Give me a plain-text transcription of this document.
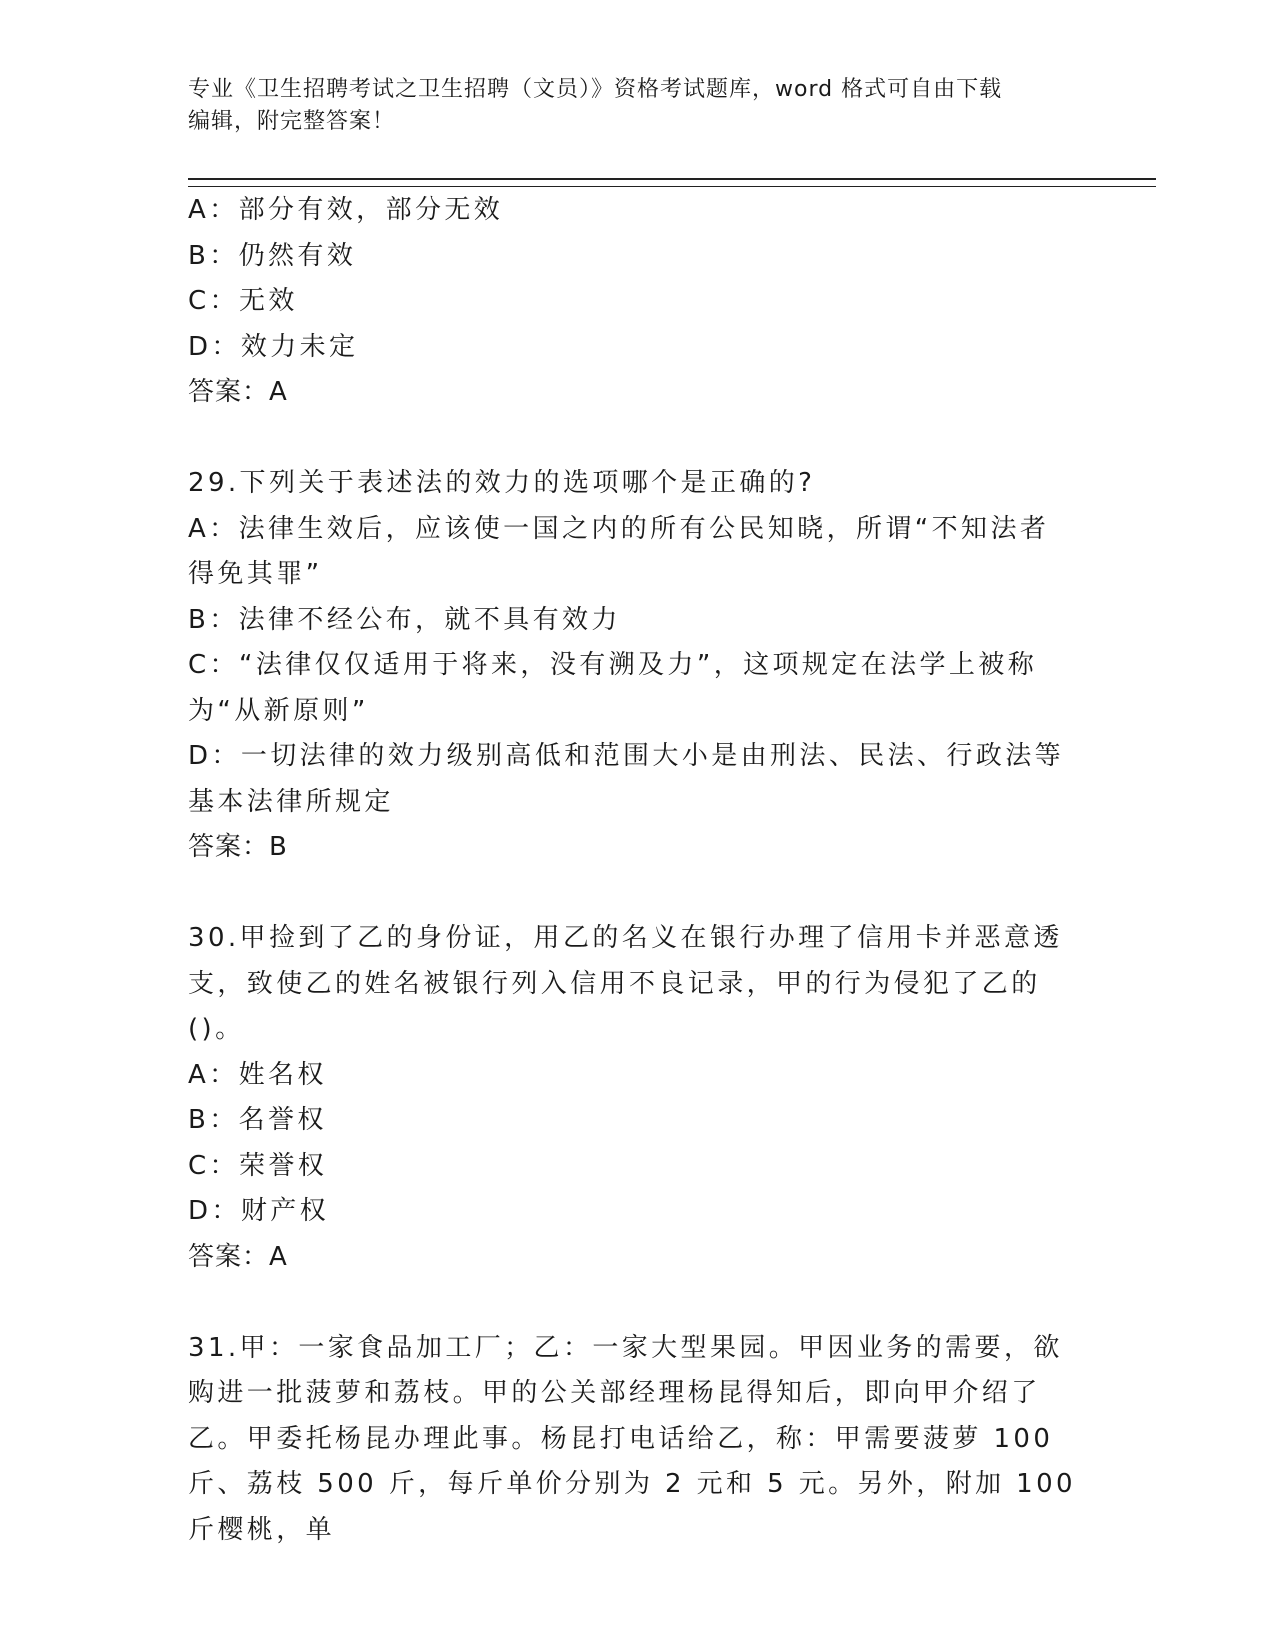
专业《卫生招聘考试之卫生招聘（文员）》资格考试题库，word 格式可自由下载
编辑，附完整答案！

A：部分有效，部分无效

B：仍然有效

C：无效

D：效力未定

答案：A

29.下列关于表述法的效力的选项哪个是正确的?

A：法律生效后，应该使一国之内的所有公民知晓，所谓“不知法者得免其罪”

B：法律不经公布，就不具有效力

C：“法律仅仅适用于将来，没有溯及力”，这项规定在法学上被称为“从新原则”

D：一切法律的效力级别高低和范围大小是由刑法、民法、行政法等基本法律所规定

答案：B

30.甲捡到了乙的身份证，用乙的名义在银行办理了信用卡并恶意透支，致使乙的姓名被银行列入信用不良记录，甲的行为侵犯了乙的()。

A：姓名权

B：名誉权

C：荣誉权

D：财产权

答案：A

31.甲：一家食品加工厂；乙：一家大型果园。甲因业务的需要，欲购进一批菠萝和荔枝。甲的公关部经理杨昆得知后，即向甲介绍了乙。甲委托杨昆办理此事。杨昆打电话给乙，称：甲需要菠萝 100 斤、荔枝 500 斤，每斤单价分别为 2 元和 5 元。另外，附加 100 斤樱桃，单
